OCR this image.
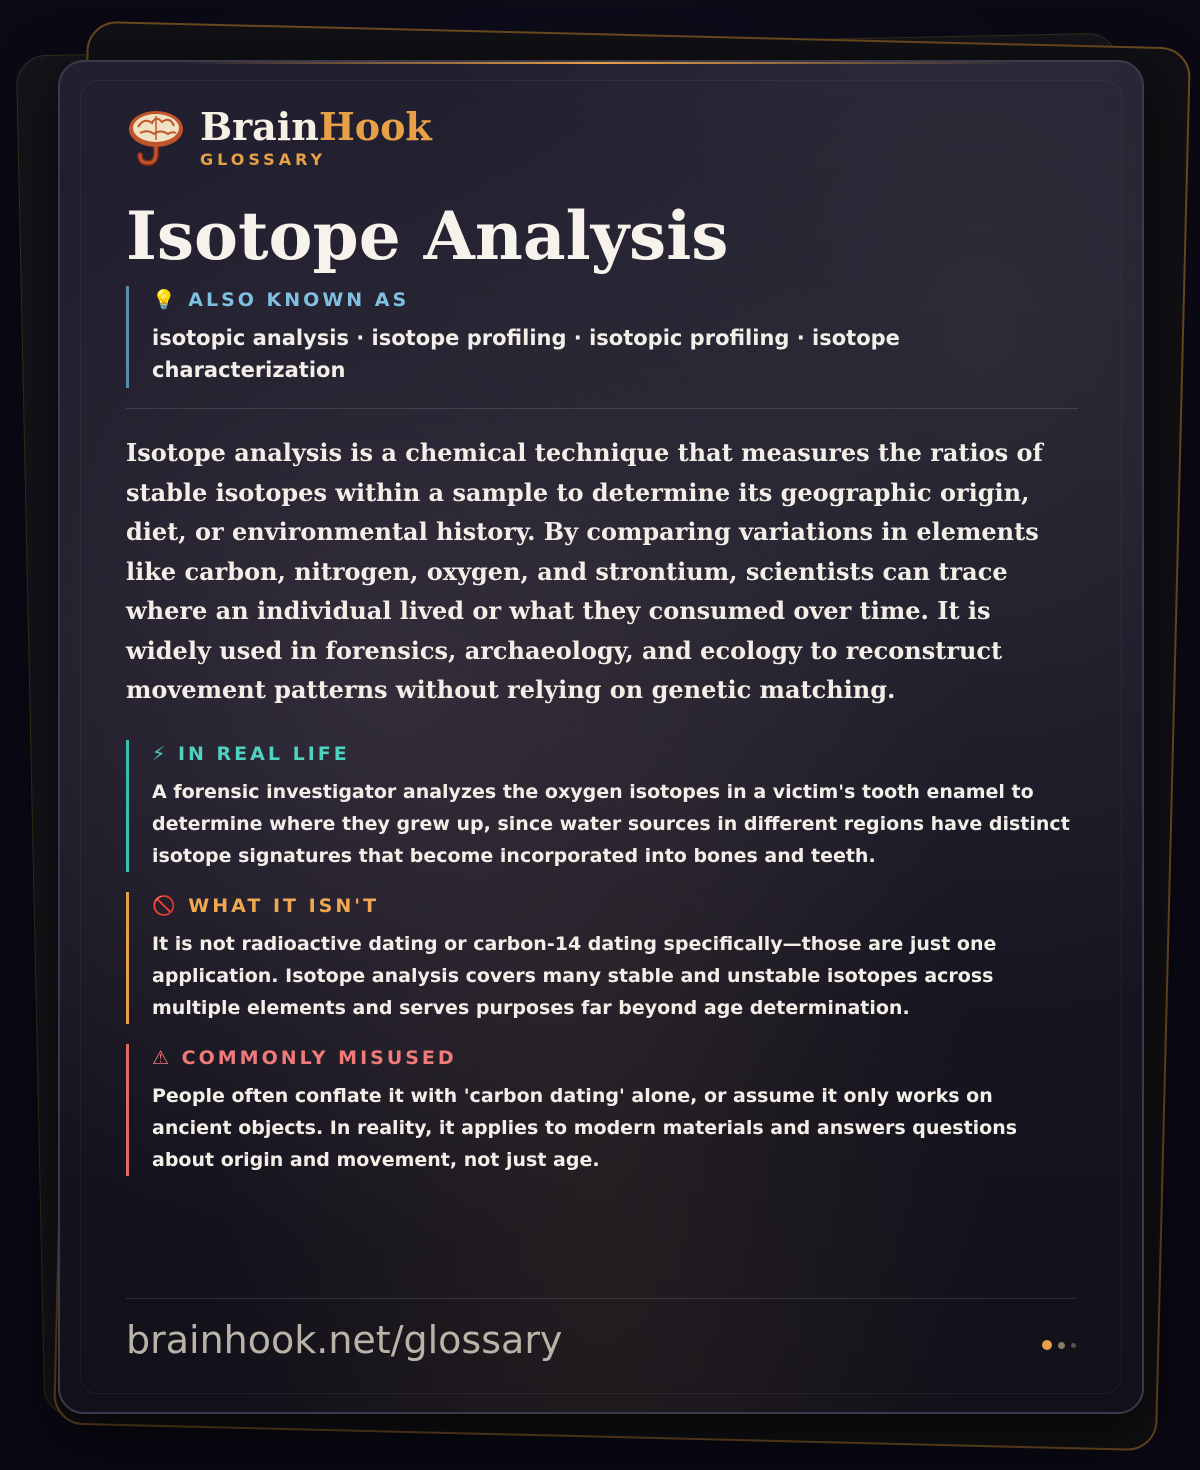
BrainHook
GLOSSARY
Isotope Analysis
💡 ALSO KNOWN AS
isotopic analysis · isotope profiling · isotopic profiling · isotope characterization
Isotope analysis is a chemical technique that measures the ratios of stable isotopes within a sample to determine its geographic origin, diet, or environmental history. By comparing variations in elements like carbon, nitrogen, oxygen, and strontium, scientists can trace where an individual lived or what they consumed over time. It is widely used in forensics, archaeology, and ecology to reconstruct movement patterns without relying on genetic matching.
⚡ IN REAL LIFE
A forensic investigator analyzes the oxygen isotopes in a victim's tooth enamel to determine where they grew up, since water sources in different regions have distinct isotope signatures that become incorporated into bones and teeth.
🚫 WHAT IT ISN'T
It is not radioactive dating or carbon-14 dating specifically—those are just one application. Isotope analysis covers many stable and unstable isotopes across multiple elements and serves purposes far beyond age determination.
⚠ COMMONLY MISUSED
People often conflate it with 'carbon dating' alone, or assume it only works on ancient objects. In reality, it applies to modern materials and answers questions about origin and movement, not just age.
brainhook.net/glossary
